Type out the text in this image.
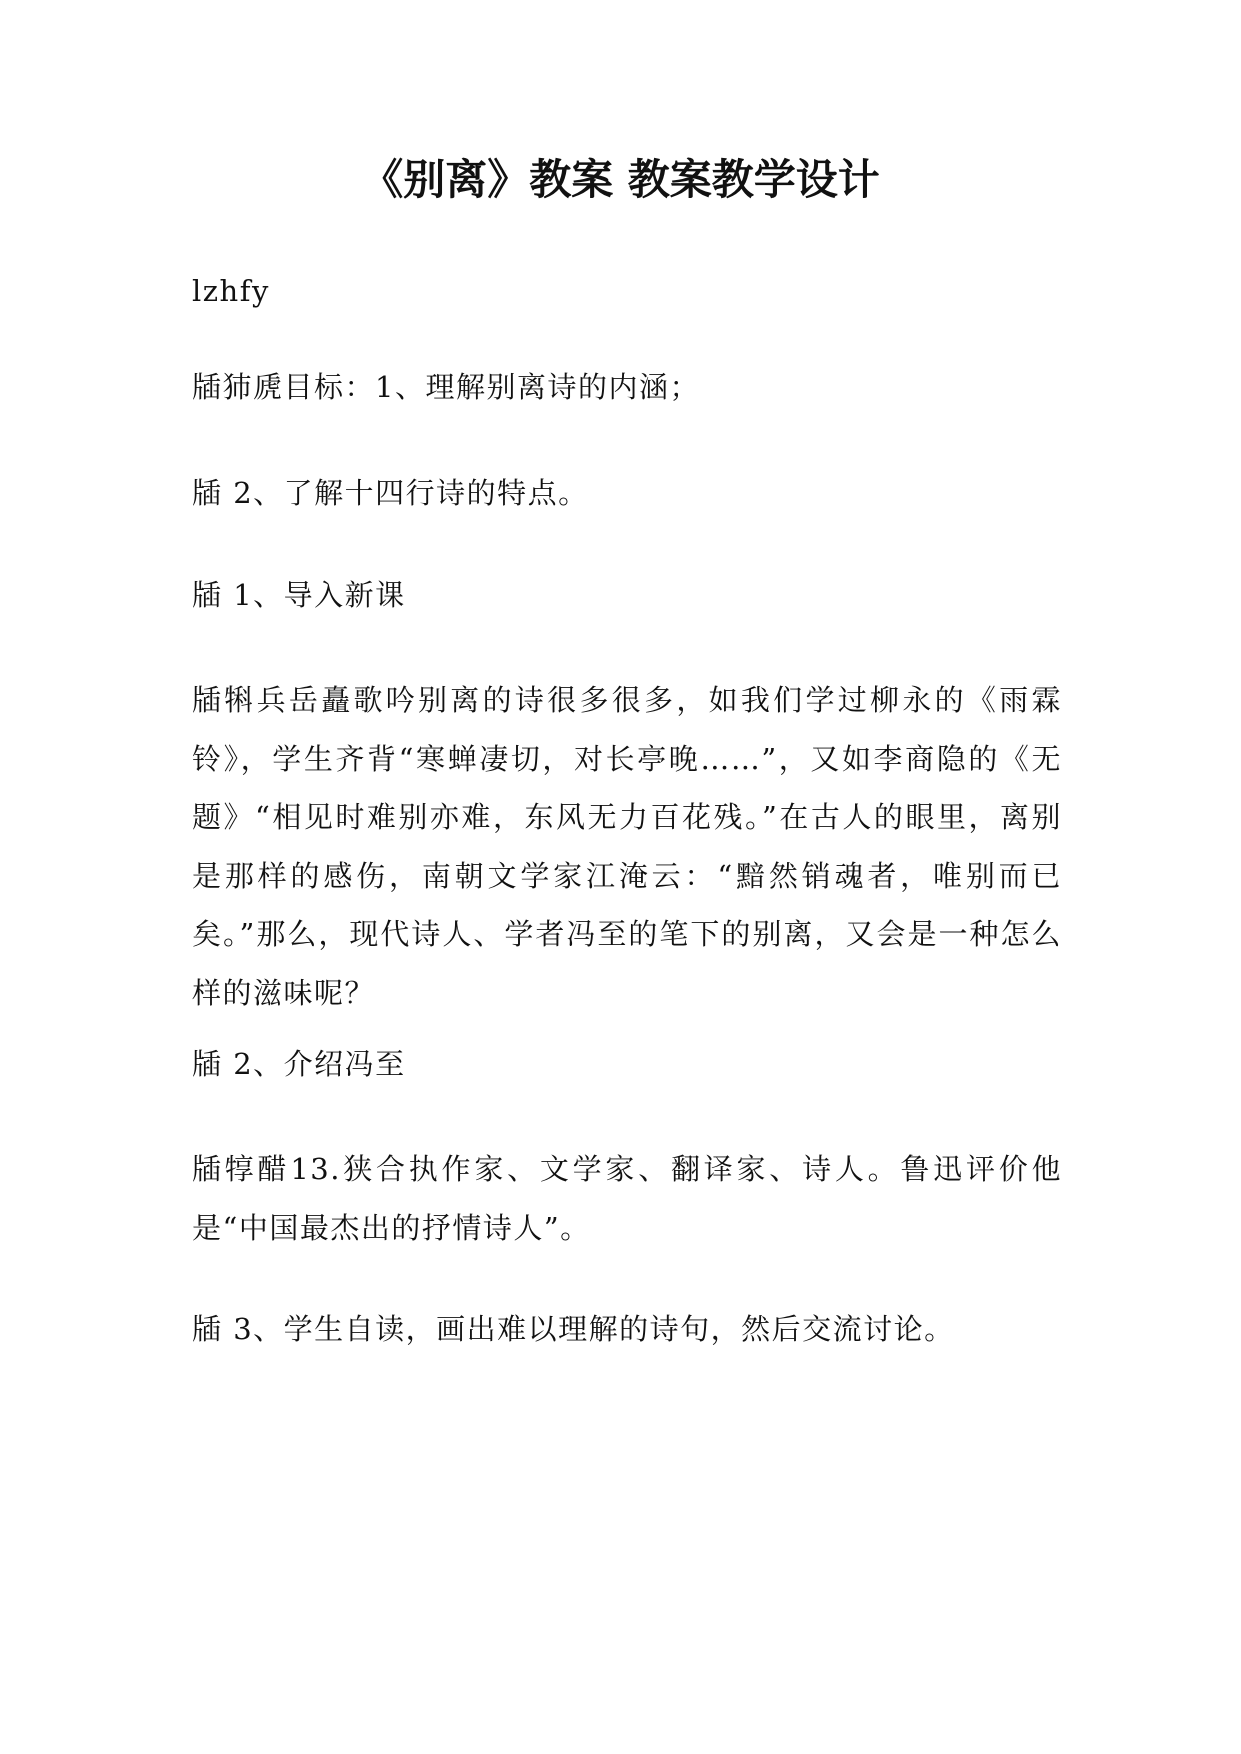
《别离》教案 教案教学设计

lzhfy

牐犻虒目标：1、理解别离诗的内涵；

牐 2、了解十四行诗的特点。

牐 1、导入新课

牐犐兵岳矗歌吟别离的诗很多很多，如我们学过柳永的《雨霖铃》，学生齐背“寒蝉凄切，对长亭晚……”，又如李商隐的《无题》“相见时难别亦难，东风无力百花残。”在古人的眼里，离别是那样的感伤，南朝文学家江淹云：“黯然销魂者，唯别而已矣。”那么，现代诗人、学者冯至的笔下的别离，又会是一种怎么样的滋味呢？

牐 2、介绍冯至

牐犉醋13.狭合执作家、文学家、翻译家、诗人。鲁迅评价他是“中国最杰出的抒情诗人”。

牐 3、学生自读，画出难以理解的诗句，然后交流讨论。
